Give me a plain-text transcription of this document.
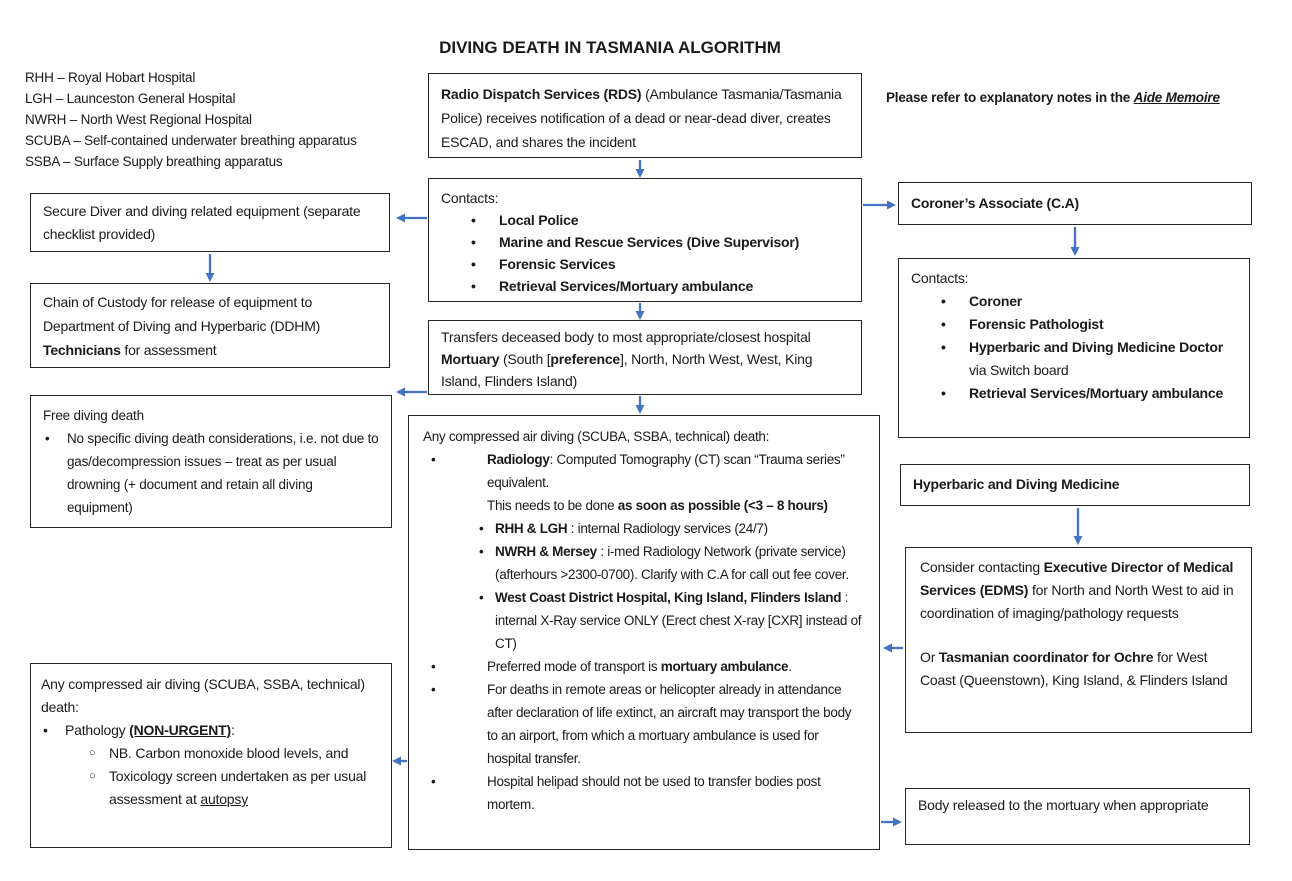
DIVING DEATH IN TASMANIA ALGORITHM
RHH – Royal Hobart Hospital
LGH – Launceston General Hospital
NWRH – North West Regional Hospital
SCUBA – Self-contained underwater breathing apparatus
SSBA – Surface Supply breathing apparatus
Please refer to explanatory notes in the Aide Memoire
Radio Dispatch Services (RDS) (Ambulance Tasmania/Tasmania Police) receives notification of a dead or near-dead diver, creates ESCAD, and shares the incident
Contacts:
•	Local Police
•	Marine and Rescue Services (Dive Supervisor)
•	Forensic Services
•	Retrieval Services/Mortuary ambulance
Transfers deceased body to most appropriate/closest hospital Mortuary (South [preference], North, North West, West, King Island, Flinders Island)
Any compressed air diving (SCUBA, SSBA, technical) death:
•	Radiology: Computed Tomography (CT) scan “Trauma series” equivalent.
This needs to be done as soon as possible (<3 – 8 hours)
• RHH & LGH : internal Radiology services (24/7)
• NWRH & Mersey : i-med Radiology Network (private service) (afterhours >2300-0700). Clarify with C.A for call out fee cover.
• West Coast District Hospital, King Island, Flinders Island : internal X-Ray service ONLY (Erect chest X-ray [CXR] instead of CT)
•	Preferred mode of transport is mortuary ambulance.
•	For deaths in remote areas or helicopter already in attendance after declaration of life extinct, an aircraft may transport the body to an airport, from which a mortuary ambulance is used for hospital transfer.
•	Hospital helipad should not be used to transfer bodies post mortem.
Secure Diver and diving related equipment (separate checklist provided)
Chain of Custody for release of equipment to Department of Diving and Hyperbaric (DDHM) Technicians for assessment
Free diving death
•	No specific diving death considerations, i.e. not due to gas/decompression issues – treat as per usual drowning (+ document and retain all diving equipment)
Any compressed air diving (SCUBA, SSBA, technical) death:
•	Pathology (NON-URGENT):
○ NB. Carbon monoxide blood levels, and
○ Toxicology screen undertaken as per usual assessment at autopsy
Coroner’s Associate (C.A)
Contacts:
•	Coroner
•	Forensic Pathologist
•	Hyperbaric and Diving Medicine Doctor via Switch board
•	Retrieval Services/Mortuary ambulance
Hyperbaric and Diving Medicine
Consider contacting Executive Director of Medical Services (EDMS) for North and North West to aid in coordination of imaging/pathology requests
Or Tasmanian coordinator for Ochre for West Coast (Queenstown), King Island, & Flinders Island
Body released to the mortuary when appropriate
